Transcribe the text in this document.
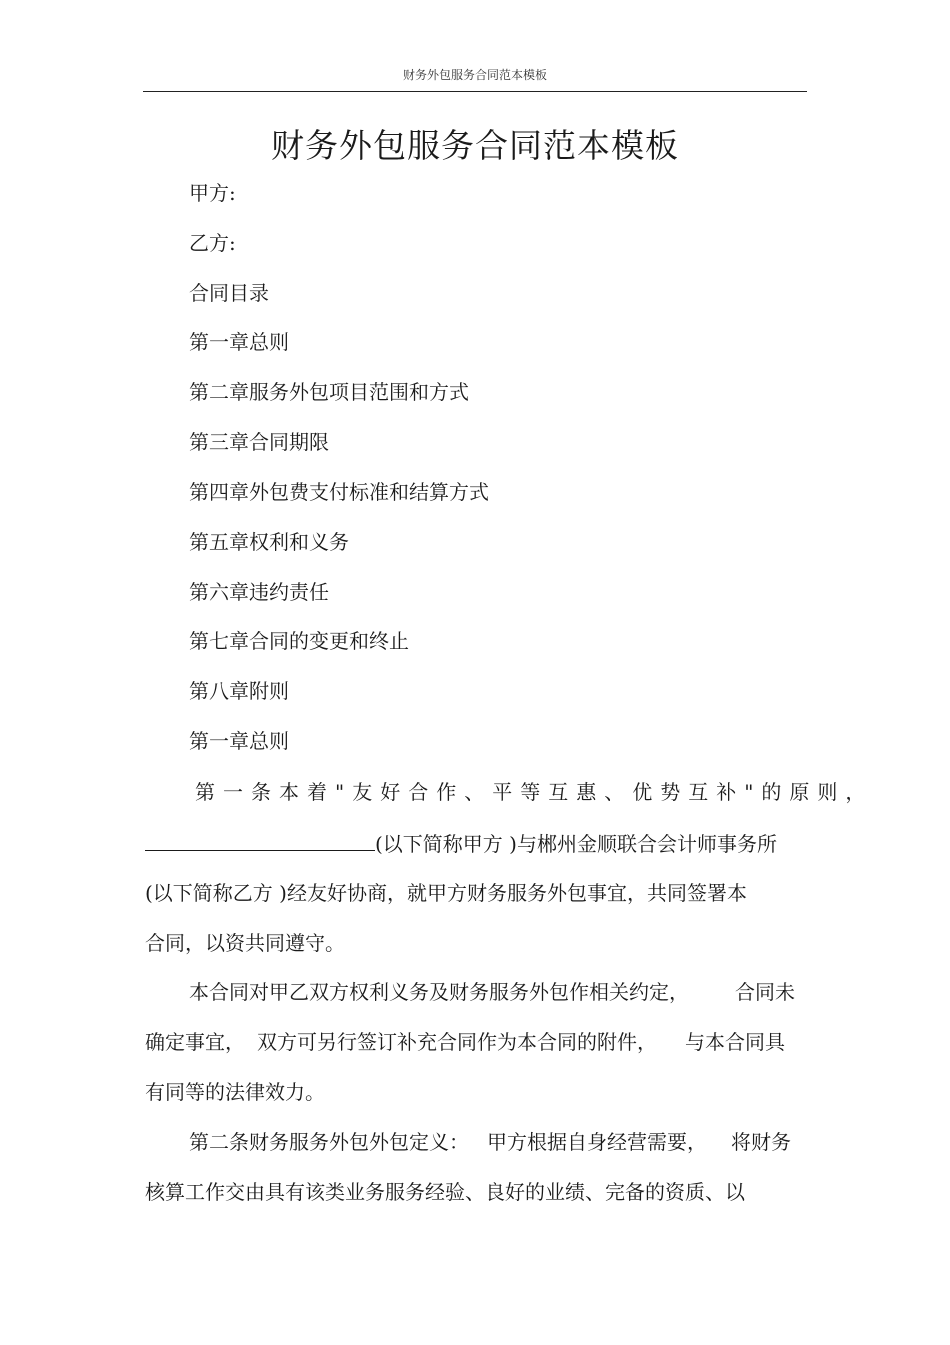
财务外包服务合同范本模板
财务外包服务合同范本模板
甲方:
乙方:
合同目录
第一章总则
第二章服务外包项目范围和方式
第三章合同期限
第四章外包费支付标准和结算方式
第五章权利和义务
第六章违约责任
第七章合同的变更和终止
第八章附则
第一章总则
第一条本着"友好合作、平等互惠、优势互补"的原则，
(以下简称甲方 )与郴州金顺联合会计师事务所
(以下简称乙方 )经友好协商，就甲方财务服务外包事宜，共同签署本
合同，以资共同遵守。
本合同对甲乙双方权利义务及财务服务外包作相关约定， 合同未
确定事宜， 双方可另行签订补充合同作为本合同的附件， 与本合同具
有同等的法律效力。
第二条财务服务外包外包定义： 甲方根据自身经营需要， 将财务
核算工作交由具有该类业务服务经验、良好的业绩、完备的资质、以
